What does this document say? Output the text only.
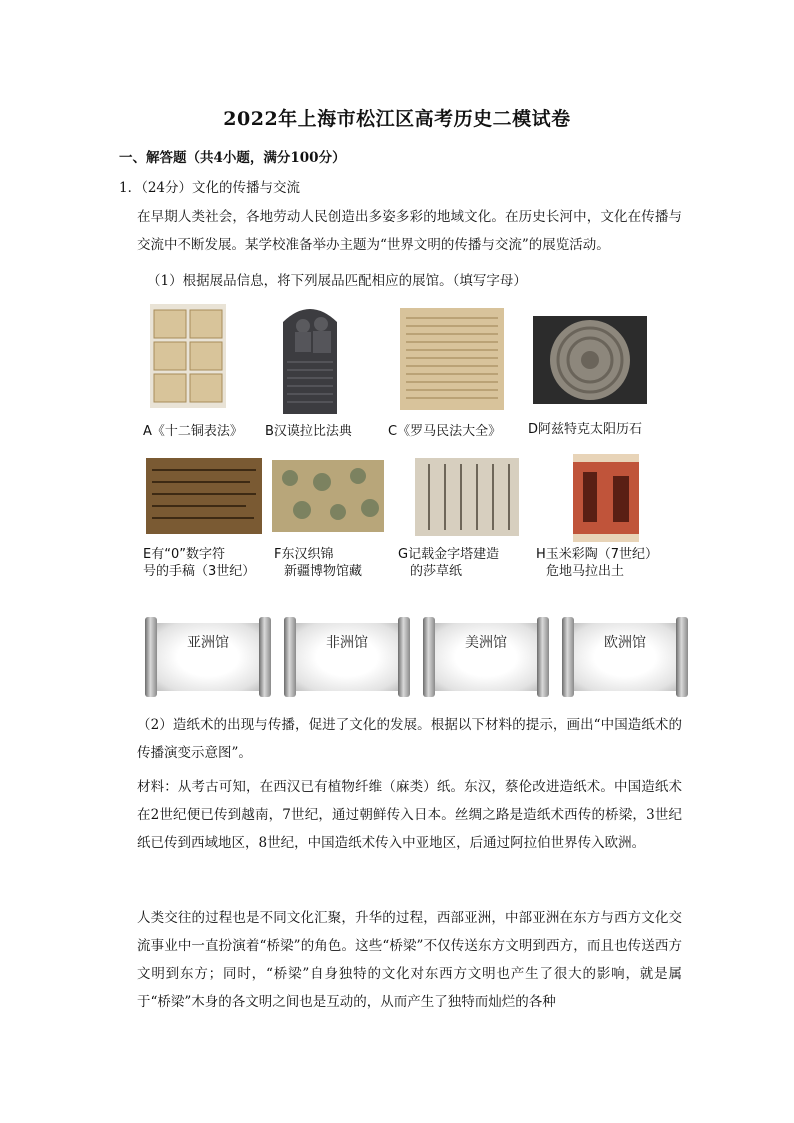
2022年上海市松江区高考历史二模试卷
一、解答题（共4小题，满分100分）
1．（24分）文化的传播与交流
在早期人类社会，各地劳动人民创造出多姿多彩的地域文化。在历史长河中，文化在传播与交流中不断发展。某学校准备举办主题为“世界文明的传播与交流”的展览活动。
（1）根据展品信息，将下列展品匹配相应的展馆。（填写字母）
A《十二铜表法》 B汉谟拉比法典	C《罗马民法大全》 D阿兹特克太阳历石
E有“0”数字符
号的手稿（3世纪）
F东汉织锦
新疆博物馆藏
G记载金字塔建造
的莎草纸
H玉米彩陶（7世纪）
危地马拉出土
亚洲馆	非洲馆	美洲馆	欧洲馆
（2）造纸术的出现与传播，促进了文化的发展。根据以下材料的提示，画出“中国造纸术的传播演变示意图”。
材料：从考古可知，在西汉已有植物纤维（麻类）纸。东汉，蔡伦改进造纸术。中国造纸术在2世纪便已传到越南，7世纪，通过朝鲜传入日本。丝绸之路是造纸术西传的桥梁，3世纪纸已传到西域地区，8世纪，中国造纸术传入中亚地区，后通过阿拉伯世界传入欧洲。
人类交往的过程也是不同文化汇聚，升华的过程，西部亚洲，中部亚洲在东方与西方文化交流事业中一直扮演着“桥梁”的角色。这些“桥梁”不仅传送东方文明到西方，而且也传送西方文明到东方；同时，“桥梁”自身独特的文化对东西方文明也产生了很大的影响，就是属于“桥梁”木身的各文明之间也是互动的，从而产生了独特而灿烂的各种
